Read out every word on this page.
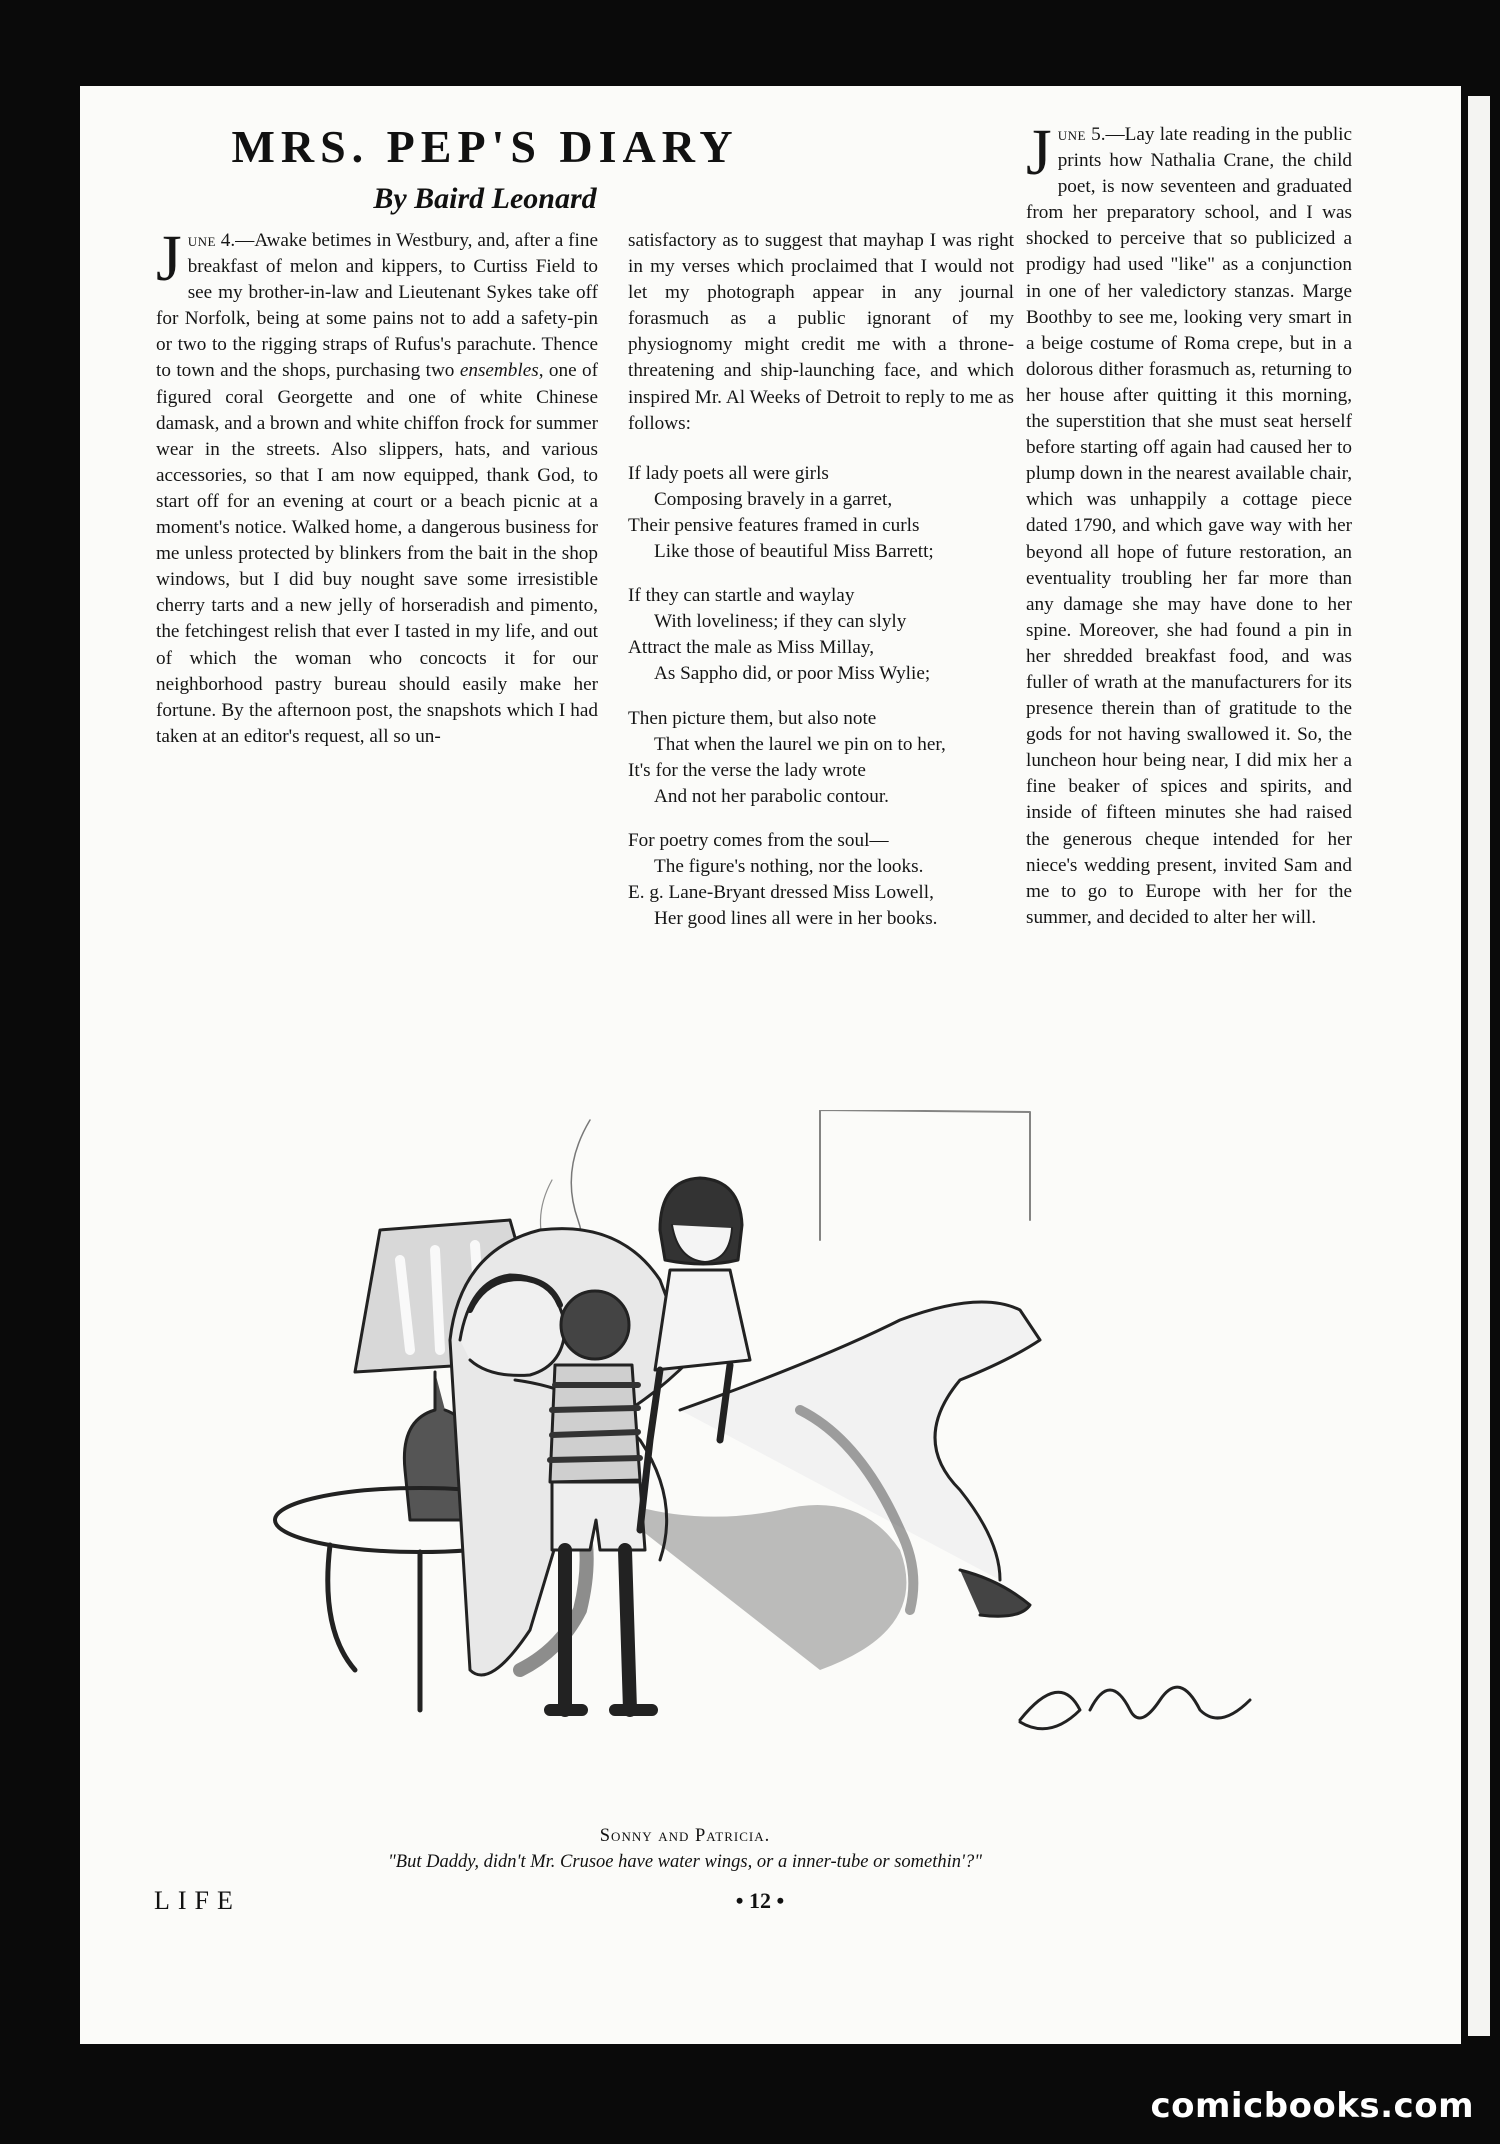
MRS. PEP'S DIARY
By Baird Leonard

June 4.—Awake betimes in Westbury, and, after a fine breakfast of melon and kippers, to Curtiss Field to see my brother-in-law and Lieutenant Sykes take off for Norfolk, being at some pains not to add a safety-pin or two to the rigging straps of Rufus's parachute. Thence to town and the shops, purchasing two ensembles, one of figured coral Georgette and one of white Chinese damask, and a brown and white chiffon frock for summer wear in the streets. Also slippers, hats, and various accessories, so that I am now equipped, thank God, to start off for an evening at court or a beach picnic at a moment's notice. Walked home, a dangerous business for me unless protected by blinkers from the bait in the shop windows, but I did buy nought save some irresistible cherry tarts and a new jelly of horseradish and pimento, the fetchingest relish that ever I tasted in my life, and out of which the woman who concocts it for our neighborhood pastry bureau should easily make her fortune. By the afternoon post, the snapshots which I had taken at an editor's request, all so un-

satisfactory as to suggest that mayhap I was right in my verses which proclaimed that I would not let my photograph appear in any journal forasmuch as a public ignorant of my physiognomy might credit me with a throne-threatening and ship-launching face, and which inspired Mr. Al Weeks of Detroit to reply to me as follows:

If lady poets all were girls
Composing bravely in a garret,
Their pensive features framed in curls
Like those of beautiful Miss Barrett;
If they can startle and waylay
With loveliness; if they can slyly
Attract the male as Miss Millay,
As Sappho did, or poor Miss Wylie;
Then picture them, but also note
That when the laurel we pin on to her,
It's for the verse the lady wrote
And not her parabolic contour.
For poetry comes from the soul—
The figure's nothing, nor the looks.
E. g. Lane-Bryant dressed Miss Lowell,
Her good lines all were in her books.

June 5.—Lay late reading in the public prints how Nathalia Crane, the child poet, is now seventeen and graduated from her preparatory school, and I was shocked to perceive that so publicized a prodigy had used "like" as a conjunction in one of her valedictory stanzas. Marge Boothby to see me, looking very smart in a beige costume of Roma crepe, but in a dolorous dither forasmuch as, returning to her house after quitting it this morning, the superstition that she must seat herself before starting off again had caused her to plump down in the nearest available chair, which was unhappily a cottage piece dated 1790, and which gave way with her beyond all hope of future restoration, an eventuality troubling her far more than any damage she may have done to her spine. Moreover, she had found a pin in her shredded breakfast food, and was fuller of wrath at the manufacturers for its presence therein than of gratitude to the gods for not having swallowed it. So, the luncheon hour being near, I did mix her a fine beaker of spices and spirits, and inside of fifteen minutes she had raised the generous cheque intended for her niece's wedding present, invited Sam and me to go to Europe with her for the summer, and decided to alter her will.

Sonny and Patricia.
"But Daddy, didn't Mr. Crusoe have water wings, or a inner-tube or somethin'?"
LIFE	• 12 •
comicbooks.com
